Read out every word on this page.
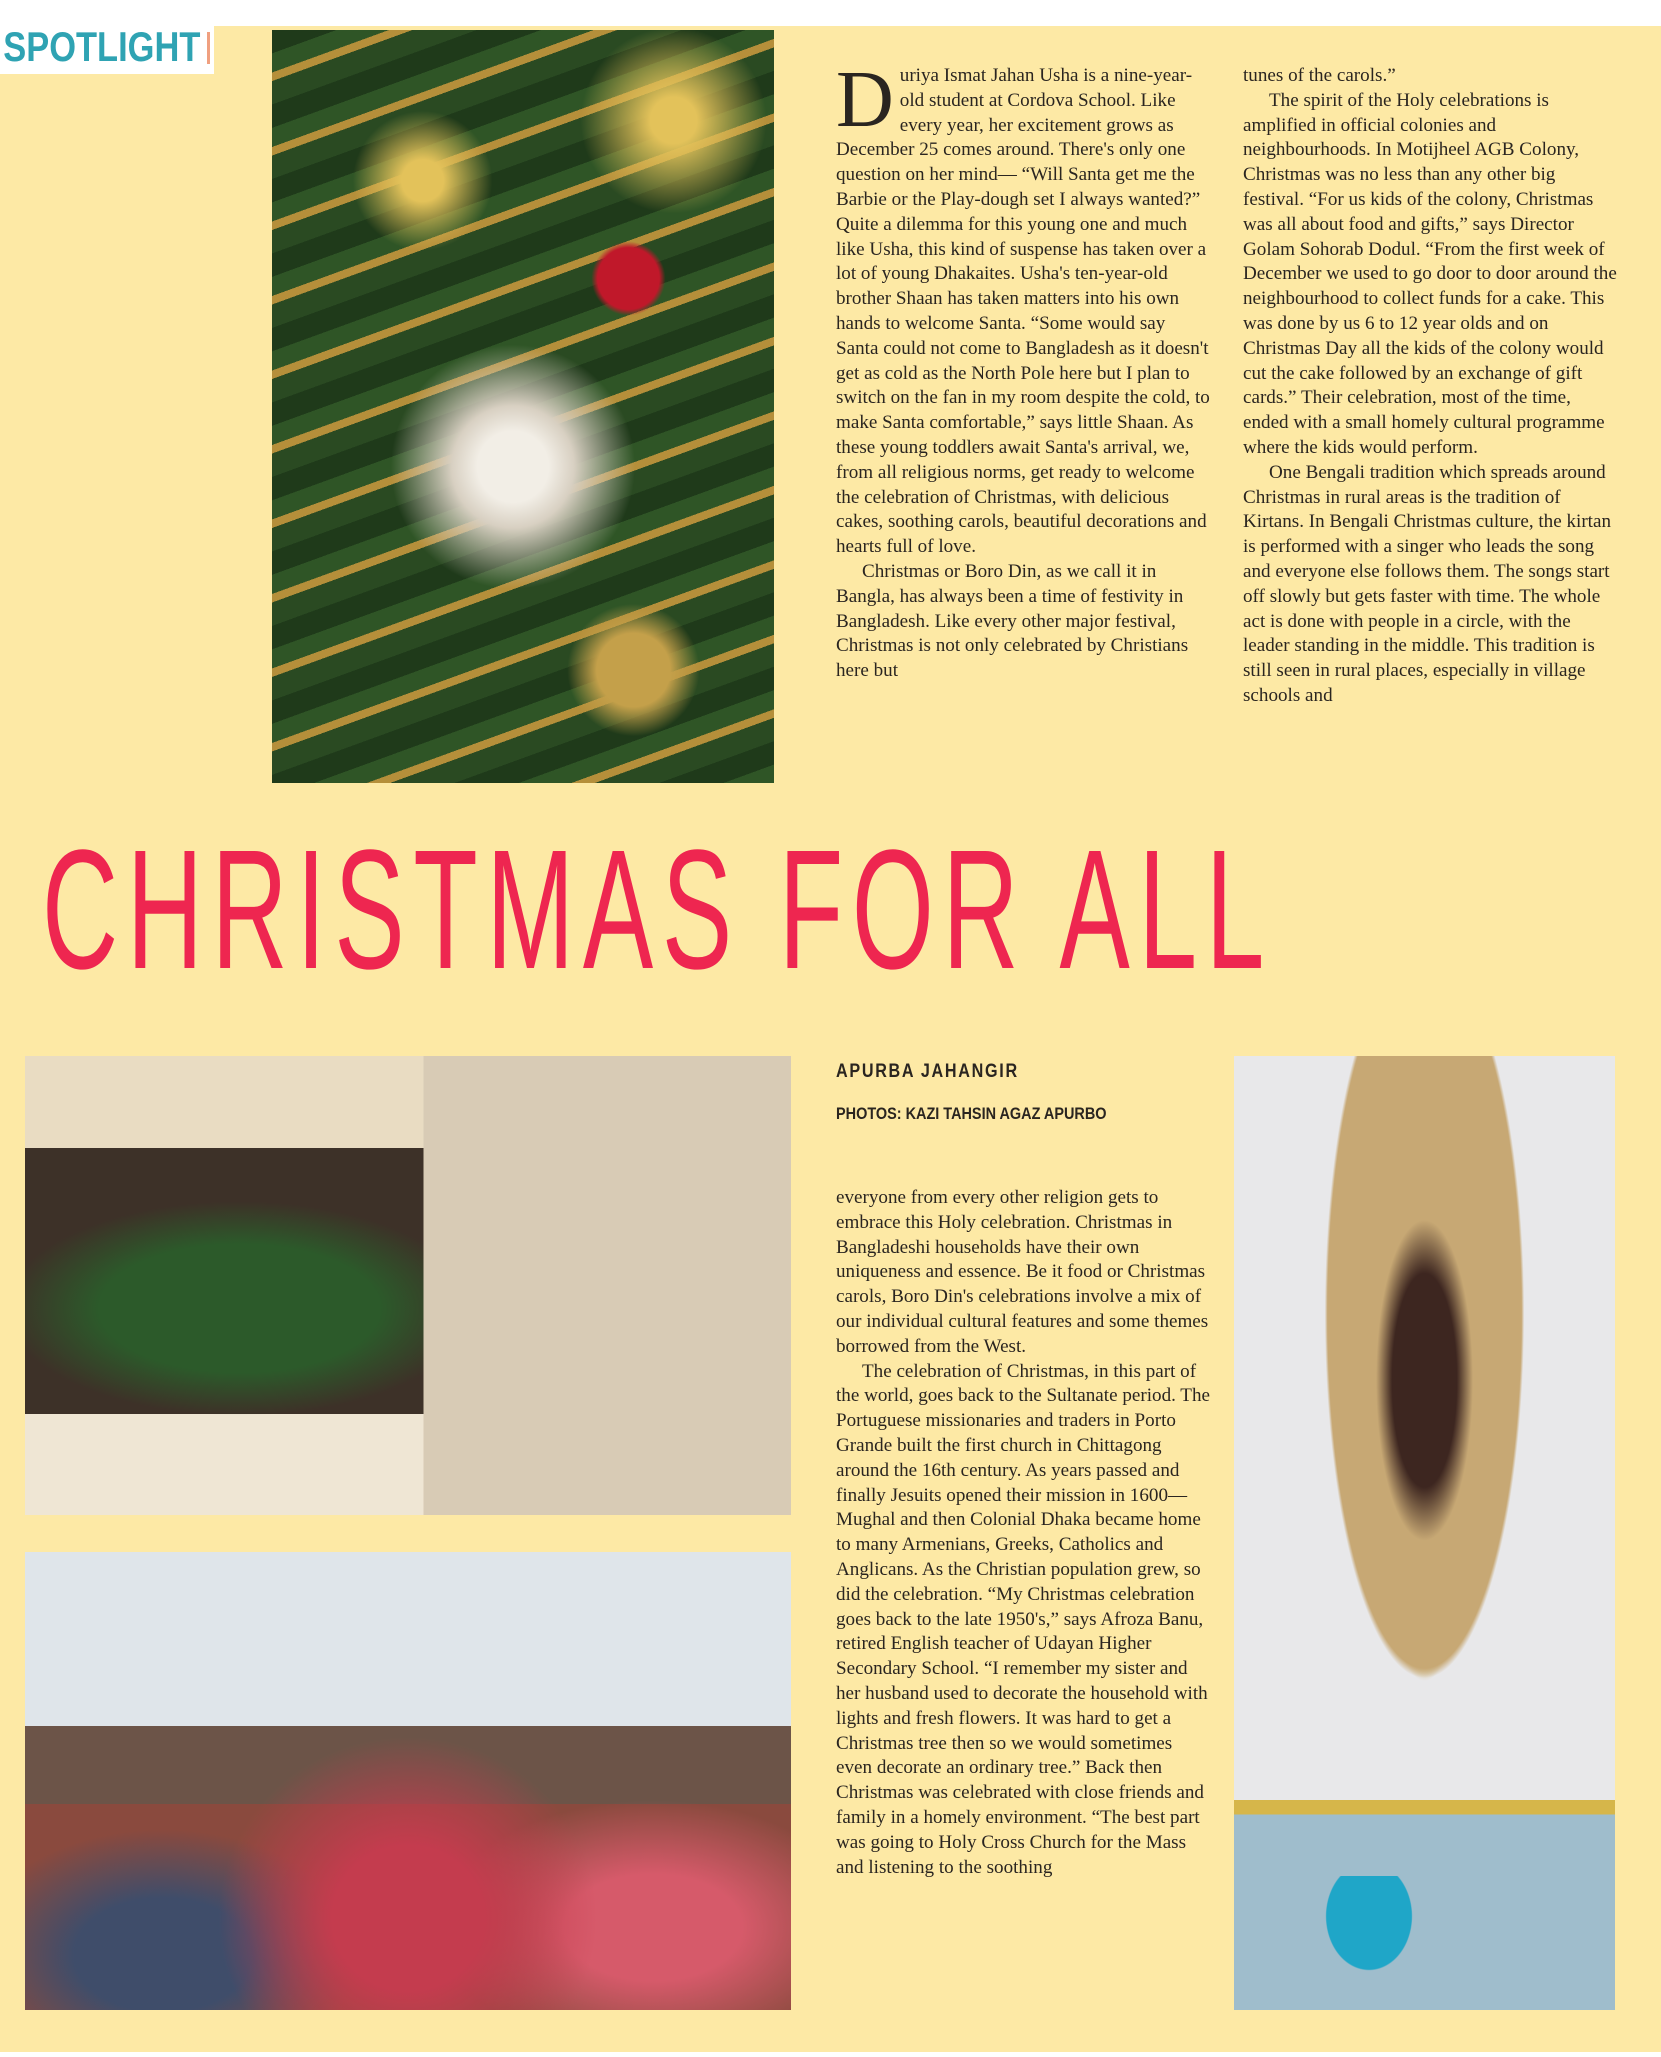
SPOTLIGHT
D uriya Ismat Jahan Usha is a nine-year-old student at Cordova School. Like every year, her excitement grows as December 25 comes around. There's only one question on her mind— “Will Santa get me the Barbie or the Play-dough set I always wanted?” Quite a dilemma for this young one and much like Usha, this kind of suspense has taken over a lot of young Dhakaites. Usha's ten-year-old brother Shaan has taken matters into his own hands to welcome Santa. “Some would say Santa could not come to Bangladesh as it doesn't get as cold as the North Pole here but I plan to switch on the fan in my room despite the cold, to make Santa comfortable,” says little Shaan. As these young toddlers await Santa's arrival, we, from all religious norms, get ready to welcome the celebration of Christmas, with delicious cakes, soothing carols, beautiful decorations and hearts full of love.

Christmas or Boro Din, as we call it in Bangla, has always been a time of festivity in Bangladesh. Like every other major festival, Christmas is not only celebrated by Christians here but

tunes of the carols.”

The spirit of the Holy celebrations is amplified in official colonies and neighbourhoods. In Motijheel AGB Colony, Christmas was no less than any other big festival. “For us kids of the colony, Christmas was all about food and gifts,” says Director Golam Sohorab Dodul. “From the first week of December we used to go door to door around the neighbourhood to collect funds for a cake. This was done by us 6 to 12 year olds and on Christmas Day all the kids of the colony would cut the cake followed by an exchange of gift cards.” Their celebration, most of the time, ended with a small homely cultural programme where the kids would perform.

One Bengali tradition which spreads around Christmas in rural areas is the tradition of Kirtans. In Bengali Christmas culture, the kirtan is performed with a singer who leads the song and everyone else follows them. The songs start off slowly but gets faster with time. The whole act is done with people in a circle, with the leader standing in the middle. This tradition is still seen in rural places, especially in village schools and

CHRISTMAS FOR ALL
APURBA JAHANGIR
PHOTOS: KAZI TAHSIN AGAZ APURBO

everyone from every other religion gets to embrace this Holy celebration. Christmas in Bangladeshi households have their own uniqueness and essence. Be it food or Christmas carols, Boro Din's celebrations involve a mix of our individual cultural features and some themes borrowed from the West.

The celebration of Christmas, in this part of the world, goes back to the Sultanate period. The Portuguese missionaries and traders in Porto Grande built the first church in Chittagong around the 16th century. As years passed and finally Jesuits opened their mission in 1600—Mughal and then Colonial Dhaka became home to many Armenians, Greeks, Catholics and Anglicans. As the Christian population grew, so did the celebration. “My Christmas celebration goes back to the late 1950's,” says Afroza Banu, retired English teacher of Udayan Higher Secondary School. “I remember my sister and her husband used to decorate the household with lights and fresh flowers. It was hard to get a Christmas tree then so we would sometimes even decorate an ordinary tree.” Back then Christmas was celebrated with close friends and family in a homely environment. “The best part was going to Holy Cross Church for the Mass and listening to the soothing
